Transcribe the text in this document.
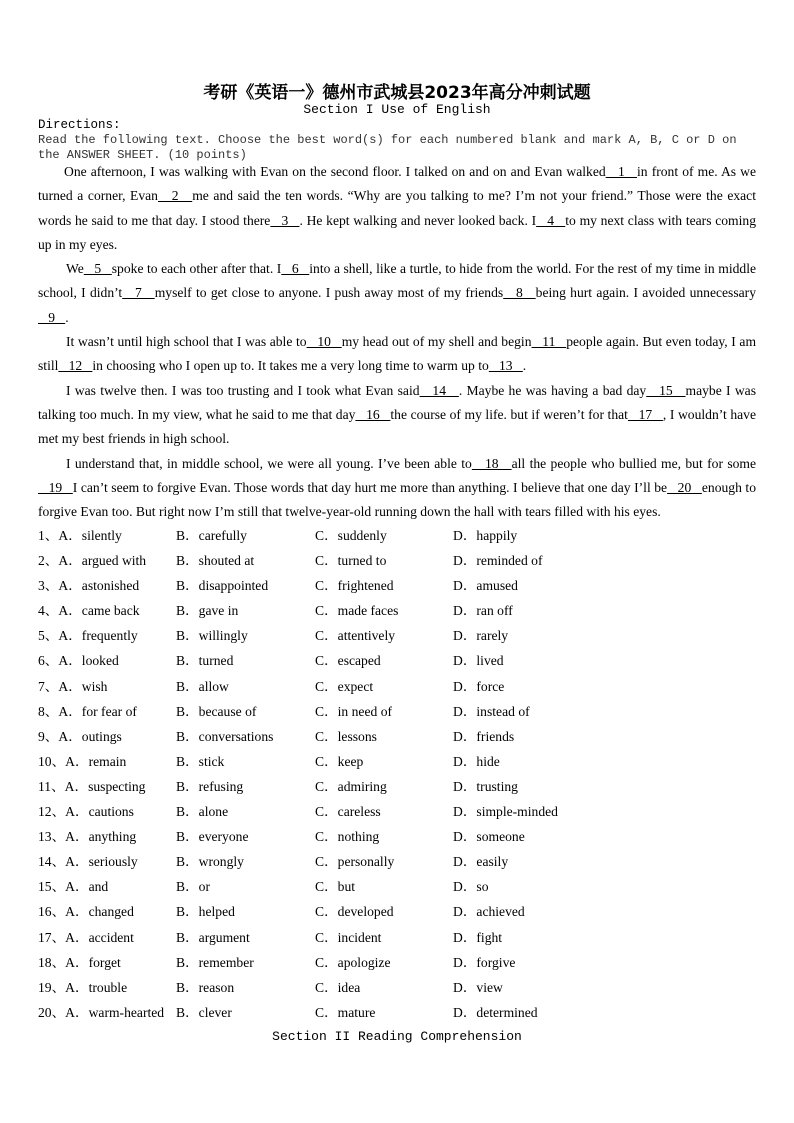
考研《英语一》德州市武城县2023年高分冲刺试题
Section I Use of English
Directions:
Read the following text. Choose the best word(s) for each numbered blank and mark A, B, C or D on the ANSWER SHEET. (10 points)

One afternoon, I was walking with Evan on the second floor. I talked on and on and Evan walked   1   in front of me. As we turned a corner, Evan   2   me and said the ten words. “Why are you talking to me? I’m not your friend.” Those were the exact words he said to me that day. I stood there   3   . He kept walking and never looked back. I   4   to my next class with tears coming up in my eyes.

We   5   spoke to each other after that. I   6   into a shell, like a turtle, to hide from the world. For the rest of my time in middle school, I didn’t   7   myself to get close to anyone. I push away most of my friends   8   being hurt again. I avoided unnecessary   9   .

It wasn’t until high school that I was able to   10   my head out of my shell and begin   11   people again. But even today, I am still   12   in choosing who I open up to. It takes me a very long time to warm up to   13   .

I was twelve then. I was too trusting and I took what Evan said   14   . Maybe he was having a bad day   15   maybe I was talking too much. In my view, what he said to me that day   16   the course of my life. but if weren’t for that   17   , I wouldn’t have met my best friends in high school.

I understand that, in middle school, we were all young. I’ve been able to   18   all the people who bullied me, but for some   19   I can’t seem to forgive Evan. Those words that day hurt me more than anything. I believe that one day I’ll be   20   enough to forgive Evan too. But right now I’m still that twelve-year-old running down the hall with tears filled with his eyes.

1、A．silently	B．carefully	C．suddenly	D．happily
2、A．argued with B．shouted at	C．turned to	D．reminded of
3、A．astonished	B．disappointed	C．frightened	D．amused
4、A．came back	B．gave in	C．made faces	D．ran off
5、A．frequently	B．willingly	C．attentively	D．rarely
6、A．looked	B．turned	C．escaped	D．lived
7、A．wish	B．allow	C．expect	D．force
8、A．for fear of	B．because of	C．in need of	D．instead of
9、A．outings	B．conversations	C．lessons	D．friends
10、A．remain	B．stick	C．keep	D．hide
11、A．suspecting B．refusing	C．admiring	D．trusting
12、A．cautions	B．alone	C．careless	D．simple-minded
13、A．anything	B．everyone	C．nothing	D．someone
14、A．seriously	B．wrongly	C．personally	D．easily
15、A．and	B．or	C．but	D．so
16、A．changed	B．helped	C．developed	D．achieved
17、A．accident	B．argument	C．incident	D．fight
18、A．forget	B．remember	C．apologize	D．forgive
19、A．trouble	B．reason	C．idea	D．view
20、A．warm-hearted B．clever	C．mature	D．determined
Section II Reading Comprehension
